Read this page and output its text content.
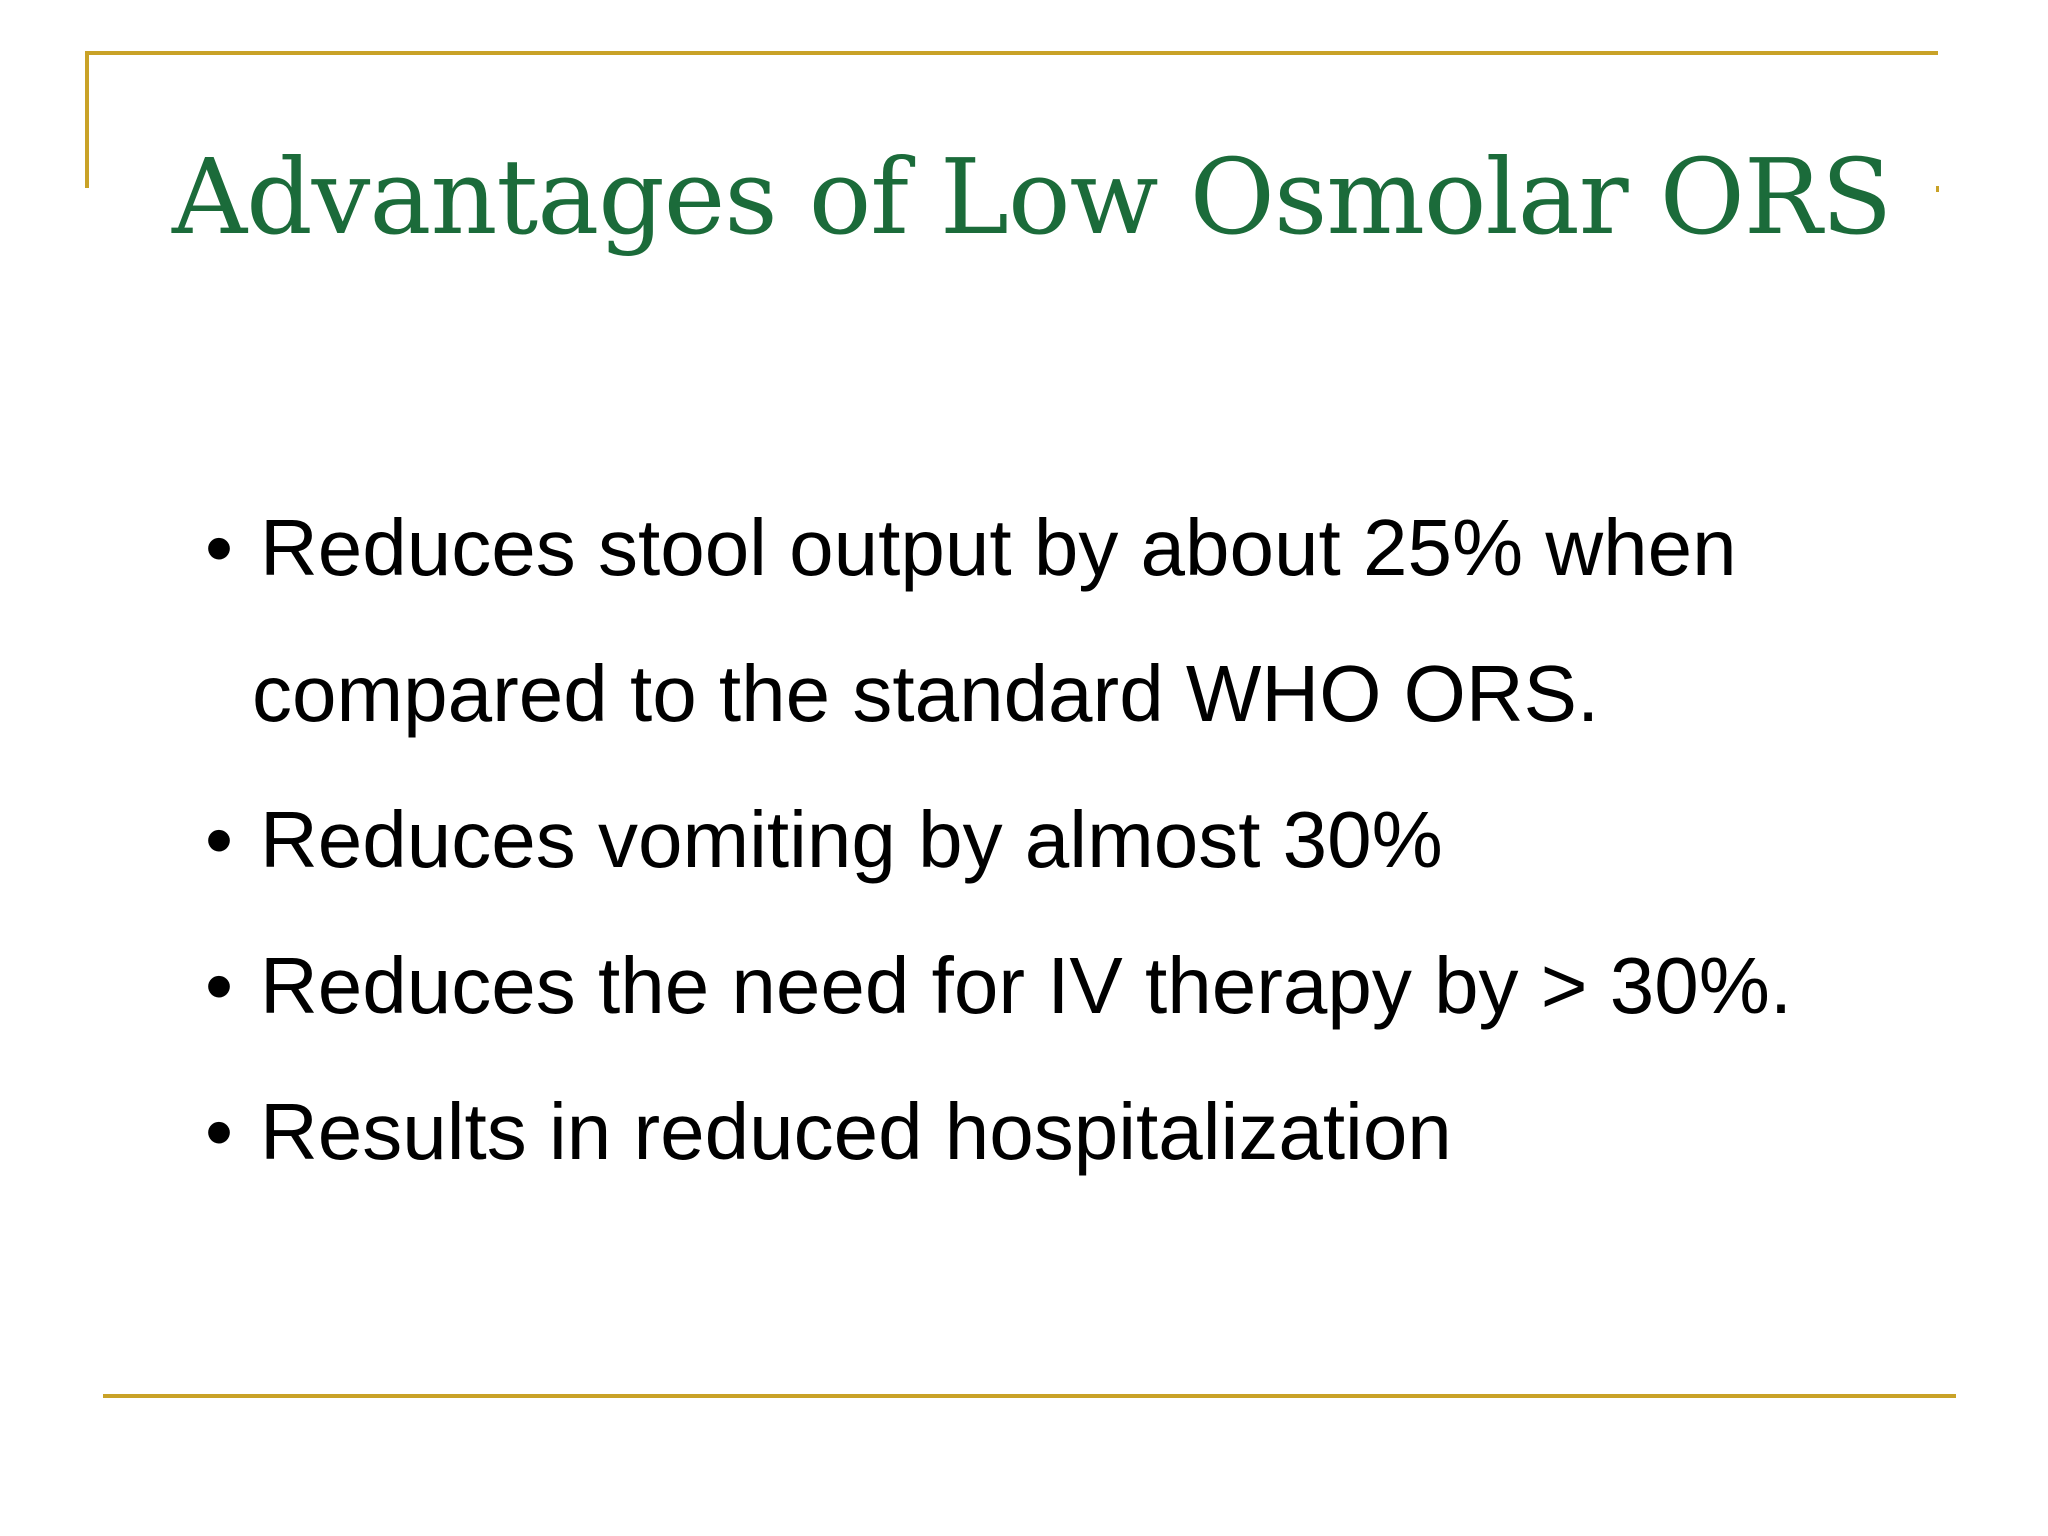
Advantages of Low Osmolar ORS
• Reduces stool output by about 25% when
compared to the standard WHO ORS.
• Reduces vomiting by almost 30%
• Reduces the need for IV therapy by > 30%.
• Results in reduced hospitalization
